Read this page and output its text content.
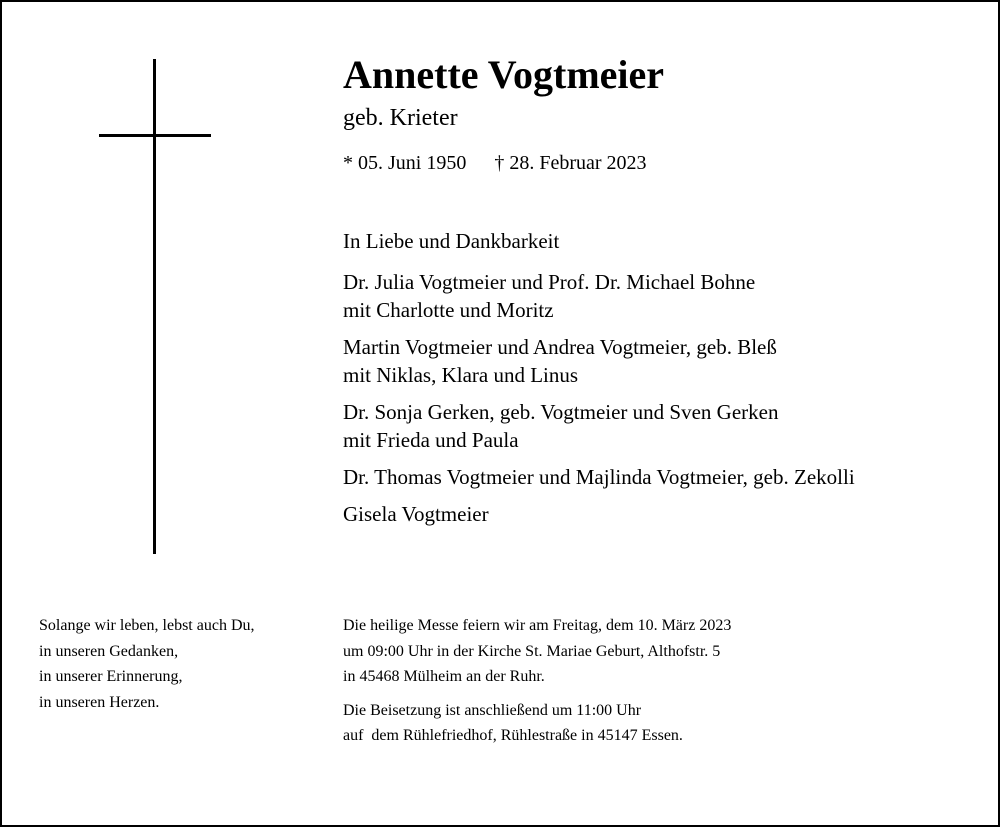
Annette Vogtmeier
geb. Krieter
* 05. Juni 1950 † 28. Februar 2023
In Liebe und Dankbarkeit
Dr. Julia Vogtmeier und Prof. Dr. Michael Bohne
mit Charlotte und Moritz
Martin Vogtmeier und Andrea Vogtmeier, geb. Bleß
mit Niklas, Klara und Linus
Dr. Sonja Gerken, geb. Vogtmeier und Sven Gerken
mit Frieda und Paula
Dr. Thomas Vogtmeier und Majlinda Vogtmeier, geb. Zekolli
Gisela Vogtmeier
Solange wir leben, lebst auch Du,
in unseren Gedanken,
in unserer Erinnerung,
in unseren Herzen.
Die heilige Messe feiern wir am Freitag, dem 10. März 2023
um 09:00 Uhr in der Kirche St. Mariae Geburt, Althofstr. 5
in 45468 Mülheim an der Ruhr.
Die Beisetzung ist anschließend um 11:00 Uhr
auf  dem Rühlefriedhof, Rühlestraße in 45147 Essen.
